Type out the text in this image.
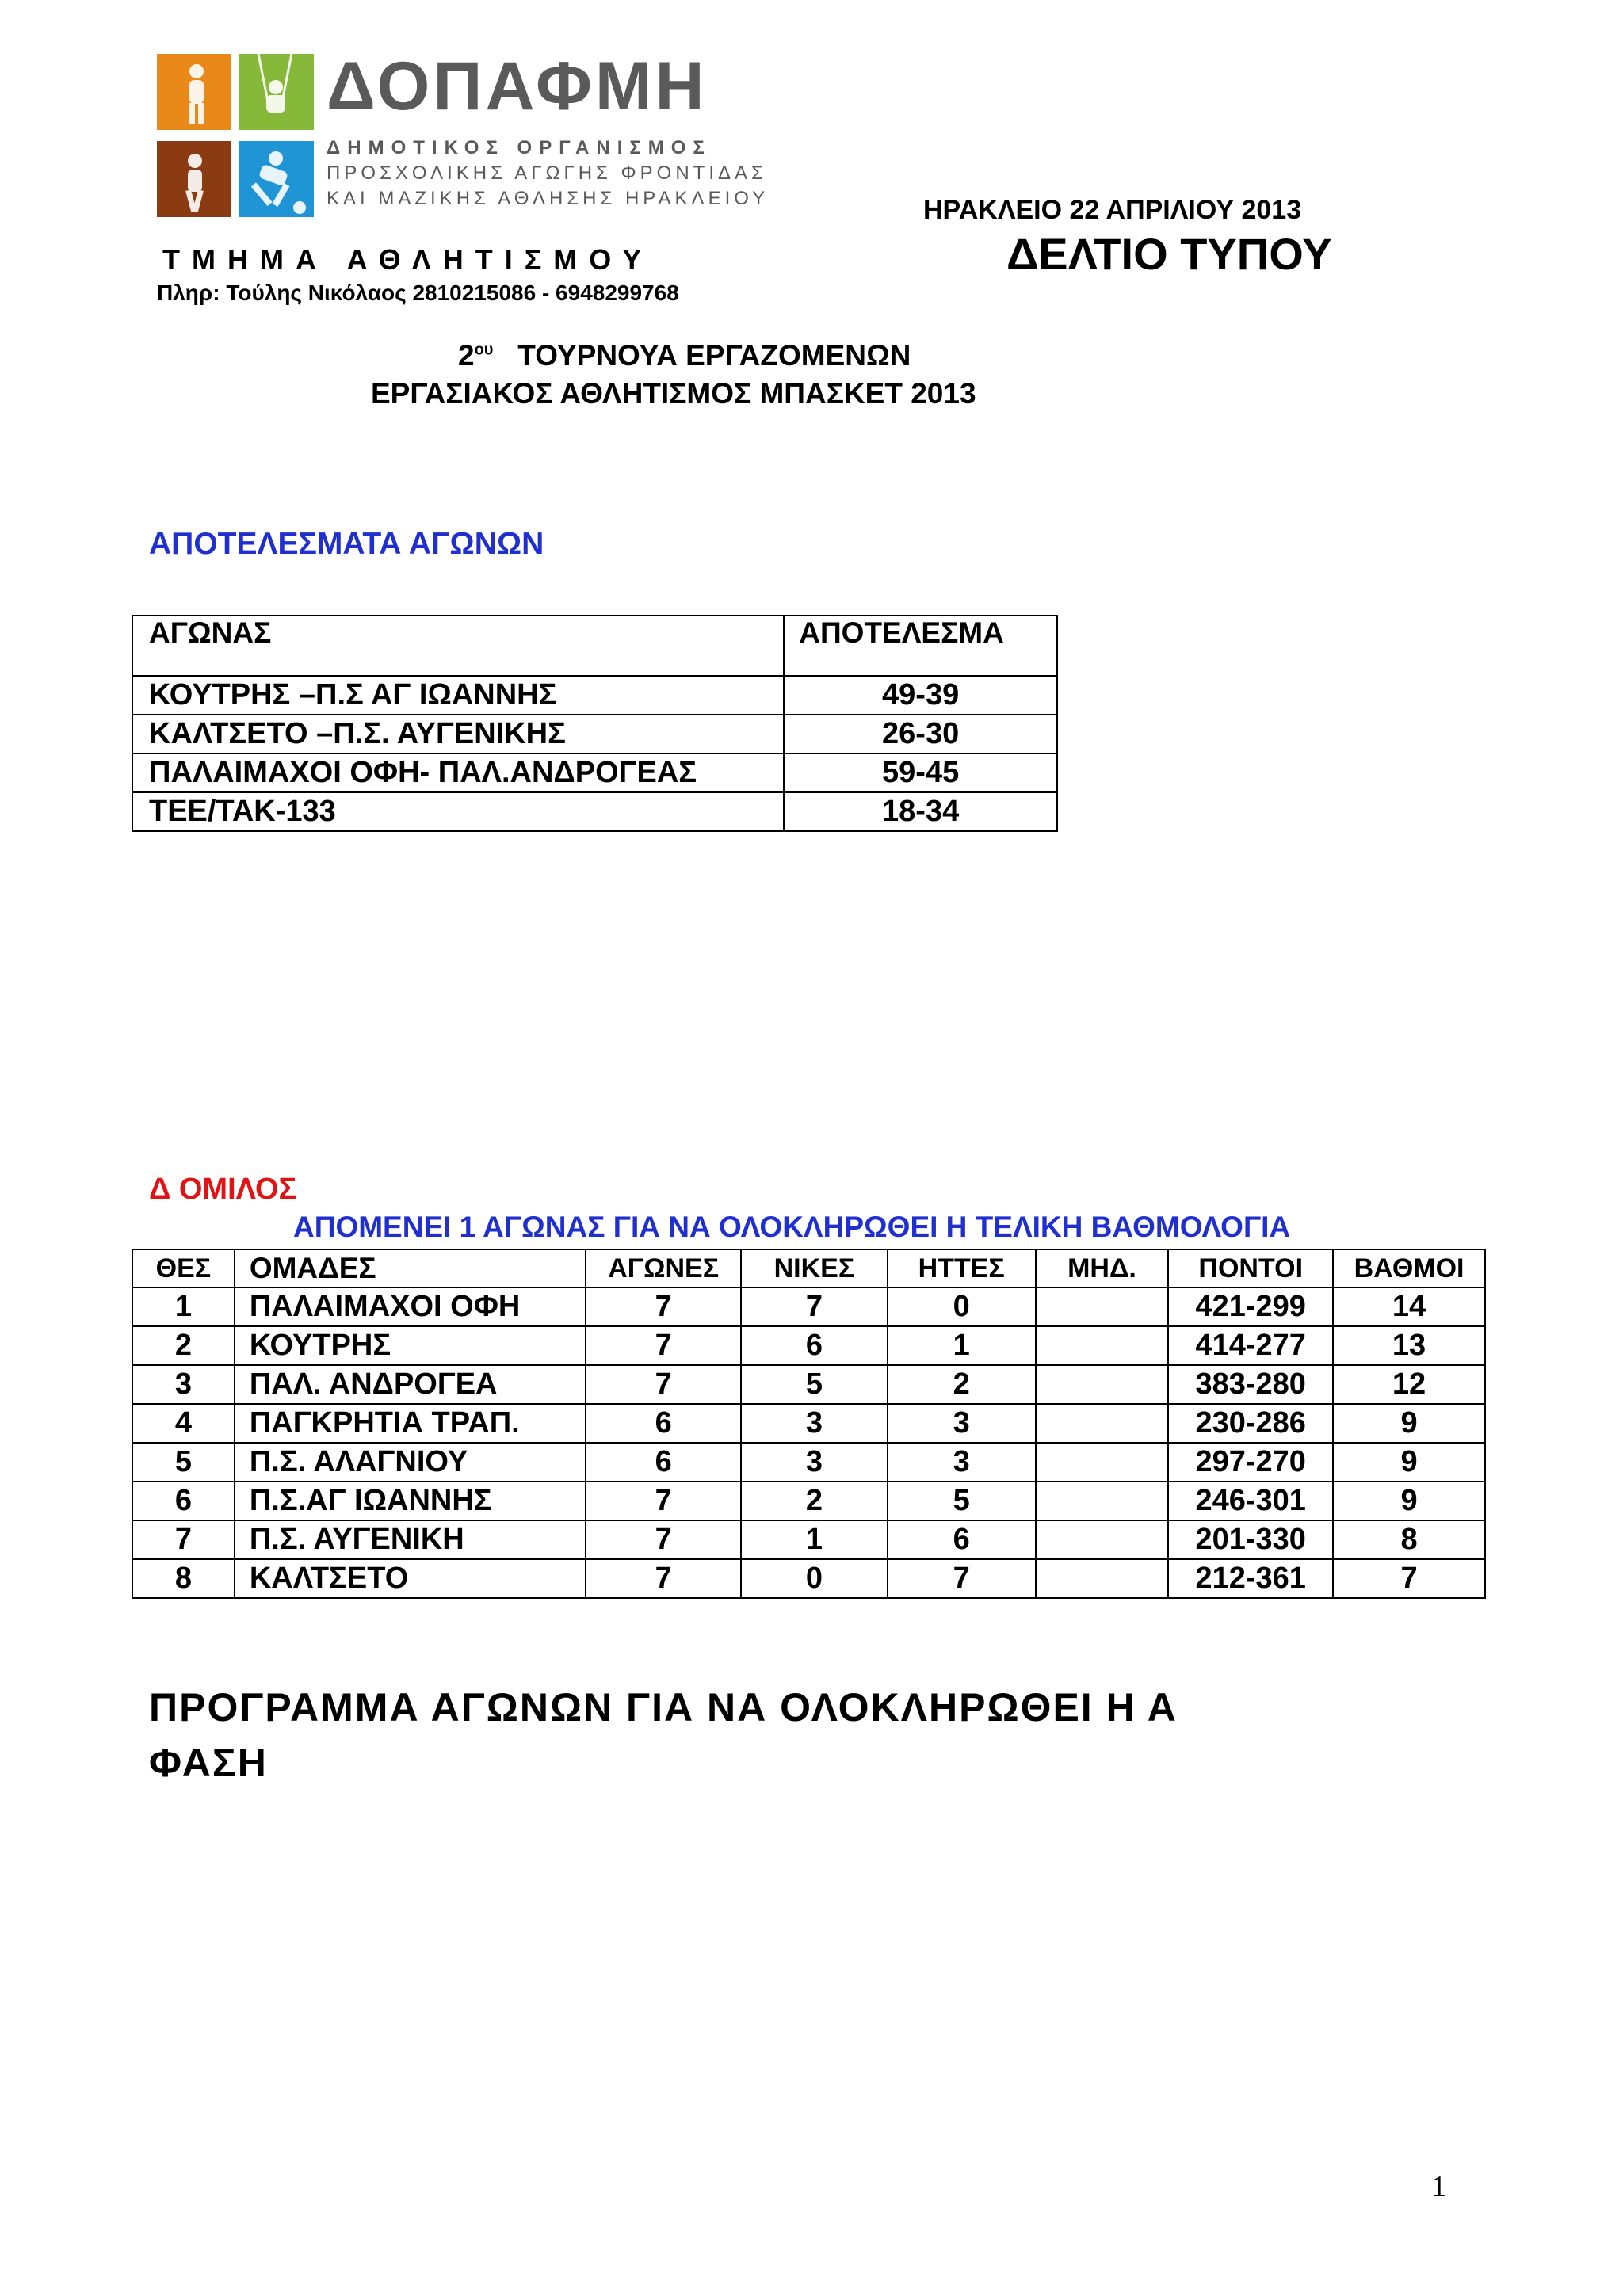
ΔΟΠΑΦΜΗ
ΔΗΜΟΤΙΚΟΣ ΟΡΓΑΝΙΣΜΟΣ
ΠΡΟΣΧΟΛΙΚΗΣ ΑΓΩΓΗΣ ΦΡΟΝΤΙΔΑΣ
ΚΑΙ ΜΑΖΙΚΗΣ ΑΘΛΗΣΗΣ ΗΡΑΚΛΕΙΟΥ
ΤΜΗΜΑ ΑΘΛΗΤΙΣΜΟΥ
Πληρ: Τούλης Νικόλαος 2810215086 - 6948299768
ΗΡΑΚΛΕΙΟ 22 ΑΠΡΙΛΙΟΥ 2013
ΔΕΛΤΙΟ ΤΥΠΟΥ
$2^{o\upsilon}$ ΤΟΥΡΝΟΥΑ ΕΡΓΑΖΟΜΕΝΩΝ
ΕΡΓΑΣΙΑΚΟΣ ΑΘΛΗΤΙΣΜΟΣ ΜΠΑΣΚΕΤ 2013
ΑΠΟΤΕΛΕΣΜΑΤΑ ΑΓΩΝΩΝ
ΑΓΩΝΑΣ	ΑΠΟΤΕΛΕΣΜΑ
ΚΟΥΤΡΗΣ –Π.Σ ΑΓ ΙΩΑΝΝΗΣ	49-39
ΚΑΛΤΣΕΤΟ –Π.Σ. ΑΥΓΕΝΙΚΗΣ	26-30
ΠΑΛΑΙΜΑΧΟΙ ΟΦΗ- ΠΑΛ.ΑΝΔΡΟΓΕΑΣ	59-45
ΤΕΕ/ΤΑΚ-133	18-34
Δ ΟΜΙΛΟΣ
ΑΠΟΜΕΝΕΙ 1 ΑΓΩΝΑΣ ΓΙΑ ΝΑ ΟΛΟΚΛΗΡΩΘΕΙ Η ΤΕΛΙΚΗ ΒΑΘΜΟΛΟΓΙΑ
ΘΕΣ	ΟΜΑΔΕΣ	ΑΓΩΝΕΣ	ΝΙΚΕΣ	ΗΤΤΕΣ	ΜΗΔ.	ΠΟΝΤΟΙ	ΒΑΘΜΟΙ
1	ΠΑΛΑΙΜΑΧΟΙ ΟΦΗ	7	7	0		421-299	14
2	ΚΟΥΤΡΗΣ	7	6	1		414-277	13
3	ΠΑΛ. ΑΝΔΡΟΓΕΑ	7	5	2		383-280	12
4	ΠΑΓΚΡΗΤΙΑ ΤΡΑΠ.	6	3	3		230-286	9
5	Π.Σ. ΑΛΑΓΝΙΟΥ	6	3	3		297-270	9
6	Π.Σ.ΑΓ ΙΩΑΝΝΗΣ	7	2	5		246-301	9
7	Π.Σ. ΑΥΓΕΝΙΚΗ	7	1	6		201-330	8
8	ΚΑΛΤΣΕΤΟ	7	0	7		212-361	7
ΠΡΟΓΡΑΜΜΑ ΑΓΩΝΩΝ ΓΙΑ ΝΑ ΟΛΟΚΛΗΡΩΘΕΙ Η Α
ΦΑΣΗ
1
